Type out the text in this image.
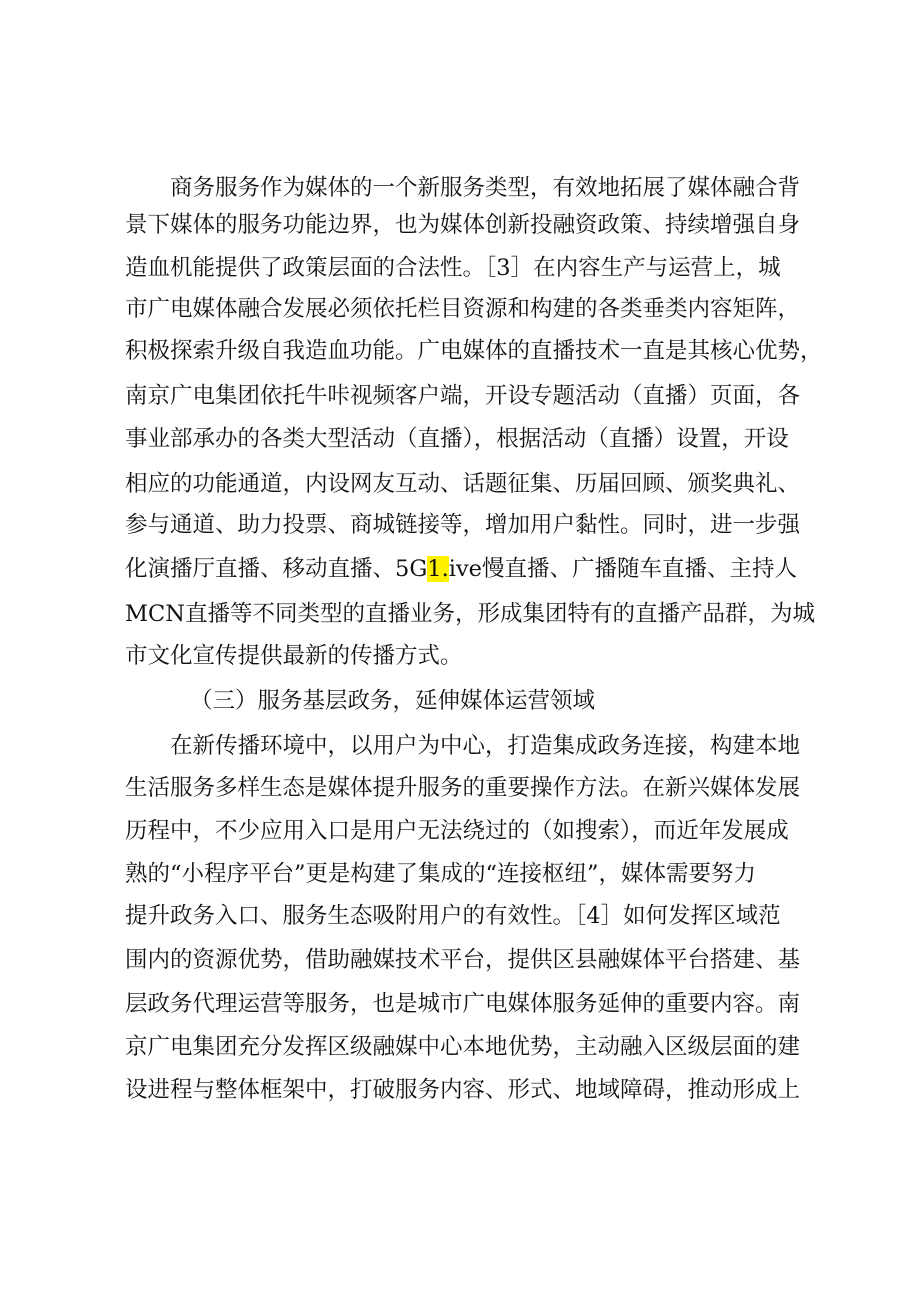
商务服务作为媒体的一个新服务类型，有效地拓展了媒体融合背
景下媒体的服务功能边界，也为媒体创新投融资政策、持续增强自身
造血机能提供了政策层面的合法性。［3］在内容生产与运营上，城
市广电媒体融合发展必须依托栏目资源和构建的各类垂类内容矩阵，
积极探索升级自我造血功能。广电媒体的直播技术一直是其核心优势，
南京广电集团依托牛咔视频客户端，开设专题活动（直播）页面，各
事业部承办的各类大型活动（直播），根据活动（直播）设置，开设
相应的功能通道，内设网友互动、话题征集、历届回顾、颁奖典礼、
参与通道、助力投票、商城链接等，增加用户黏性。同时，进一步强
化演播厅直播、移动直播、5G1.ive慢直播、广播随车直播、主持人
MCN直播等不同类型的直播业务，形成集团特有的直播产品群，为城
市文化宣传提供最新的传播方式。
（三）服务基层政务，延伸媒体运营领域
在新传播环境中，以用户为中心，打造集成政务连接，构建本地
生活服务多样生态是媒体提升服务的重要操作方法。在新兴媒体发展
历程中，不少应用入口是用户无法绕过的（如搜索），而近年发展成
熟的“小程序平台”更是构建了集成的“连接枢纽”，媒体需要努力
提升政务入口、服务生态吸附用户的有效性。［4］如何发挥区域范
围内的资源优势，借助融媒技术平台，提供区县融媒体平台搭建、基
层政务代理运营等服务，也是城市广电媒体服务延伸的重要内容。南
京广电集团充分发挥区级融媒中心本地优势，主动融入区级层面的建
设进程与整体框架中，打破服务内容、形式、地域障碍，推动形成上
